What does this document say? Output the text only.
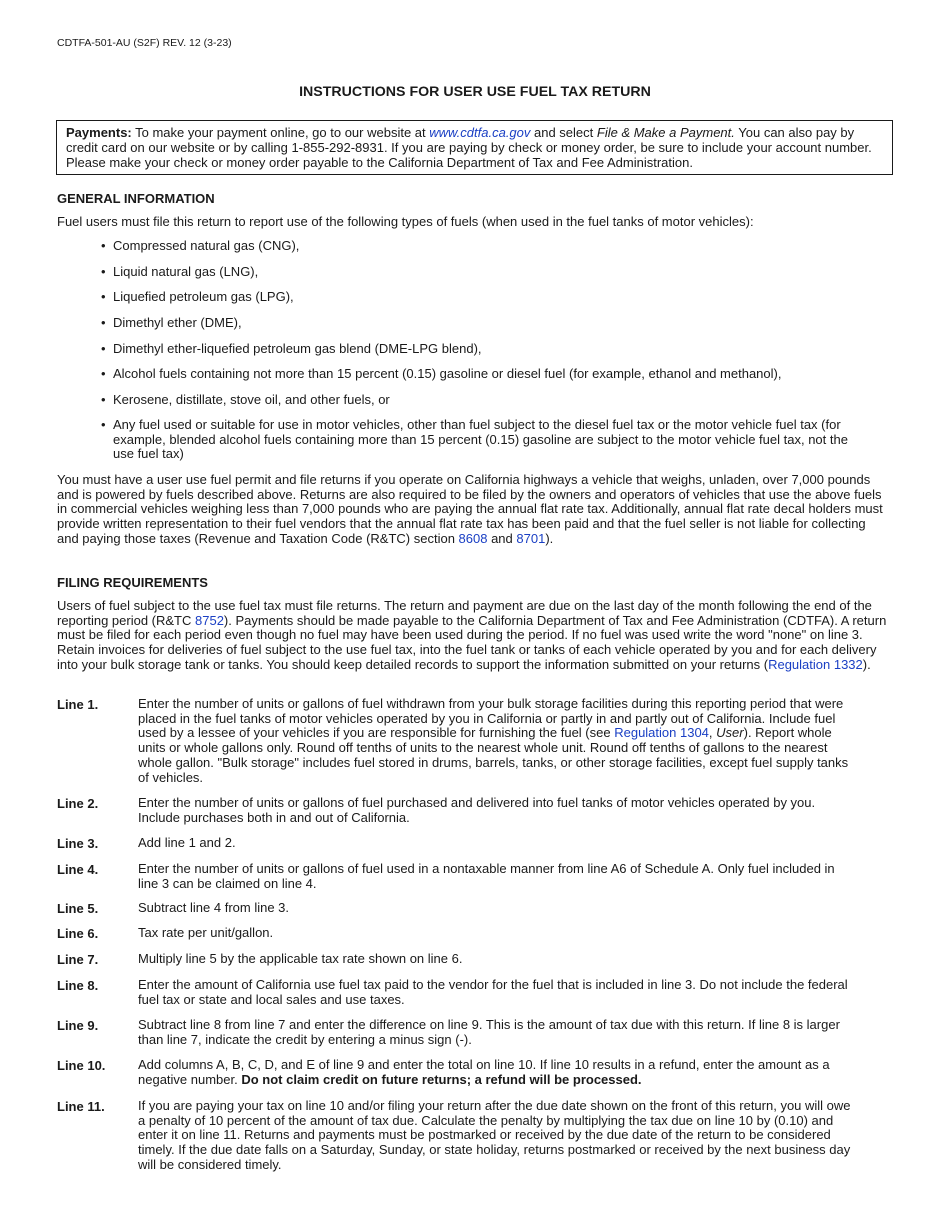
CDTFA-501-AU (S2F) REV. 12 (3-23)
INSTRUCTIONS FOR USER USE FUEL TAX RETURN
Payments: To make your payment online, go to our website at www.cdtfa.ca.gov and select File & Make a Payment. You can also pay by credit card on our website or by calling 1-855-292-8931. If you are paying by check or money order, be sure to include your account number. Please make your check or money order payable to the California Department of Tax and Fee Administration.
GENERAL INFORMATION
Fuel users must file this return to report use of the following types of fuels (when used in the fuel tanks of motor vehicles):
• Compressed natural gas (CNG),
• Liquid natural gas (LNG),
• Liquefied petroleum gas (LPG),
• Dimethyl ether (DME),
• Dimethyl ether-liquefied petroleum gas blend (DME-LPG blend),
• Alcohol fuels containing not more than 15 percent (0.15) gasoline or diesel fuel (for example, ethanol and methanol),
• Kerosene, distillate, stove oil, and other fuels, or
• Any fuel used or suitable for use in motor vehicles, other than fuel subject to the diesel fuel tax or the motor vehicle fuel tax (for example, blended alcohol fuels containing more than 15 percent (0.15) gasoline are subject to the motor vehicle fuel tax, not the use fuel tax)
You must have a user use fuel permit and file returns if you operate on California highways a vehicle that weighs, unladen, over 7,000 pounds and is powered by fuels described above. Returns are also required to be filed by the owners and operators of vehicles that use the above fuels in commercial vehicles weighing less than 7,000 pounds who are paying the annual flat rate tax. Additionally, annual flat rate decal holders must provide written representation to their fuel vendors that the annual flat rate tax has been paid and that the fuel seller is not liable for collecting and paying those taxes (Revenue and Taxation Code (R&TC) section 8608 and 8701).
FILING REQUIREMENTS
Users of fuel subject to the use fuel tax must file returns. The return and payment are due on the last day of the month following the end of the reporting period (R&TC 8752). Payments should be made payable to the California Department of Tax and Fee Administration (CDTFA). A return must be filed for each period even though no fuel may have been used during the period. If no fuel was used write the word "none" on line 3. Retain invoices for deliveries of fuel subject to the use fuel tax, into the fuel tank or tanks of each vehicle operated by you and for each delivery into your bulk storage tank or tanks. You should keep detailed records to support the information submitted on your returns (Regulation 1332).
Line 1.	Enter the number of units or gallons of fuel withdrawn from your bulk storage facilities during this reporting period that were placed in the fuel tanks of motor vehicles operated by you in California or partly in and partly out of California. Include fuel used by a lessee of your vehicles if you are responsible for furnishing the fuel (see Regulation 1304, User). Report whole units or whole gallons only. Round off tenths of units to the nearest whole unit. Round off tenths of gallons to the nearest whole gallon. "Bulk storage" includes fuel stored in drums, barrels, tanks, or other storage facilities, except fuel supply tanks of vehicles.
Line 2.	Enter the number of units or gallons of fuel purchased and delivered into fuel tanks of motor vehicles operated by you. Include purchases both in and out of California.
Line 3.	Add line 1 and 2.
Line 4.	Enter the number of units or gallons of fuel used in a nontaxable manner from line A6 of Schedule A. Only fuel included in line 3 can be claimed on line 4.
Line 5.	Subtract line 4 from line 3.
Line 6.	Tax rate per unit/gallon.
Line 7.	Multiply line 5 by the applicable tax rate shown on line 6.
Line 8.	Enter the amount of California use fuel tax paid to the vendor for the fuel that is included in line 3. Do not include the federal fuel tax or state and local sales and use taxes.
Line 9.	Subtract line 8 from line 7 and enter the difference on line 9. This is the amount of tax due with this return. If line 8 is larger than line 7, indicate the credit by entering a minus sign (-).
Line 10.	Add columns A, B, C, D, and E of line 9 and enter the total on line 10. If line 10 results in a refund, enter the amount as a negative number. Do not claim credit on future returns; a refund will be processed.
Line 11.	If you are paying your tax on line 10 and/or filing your return after the due date shown on the front of this return, you will owe a penalty of 10 percent of the amount of tax due. Calculate the penalty by multiplying the tax due on line 10 by (0.10) and enter it on line 11. Returns and payments must be postmarked or received by the due date of the return to be considered timely. If the due date falls on a Saturday, Sunday, or state holiday, returns postmarked or received by the next business day will be considered timely.
